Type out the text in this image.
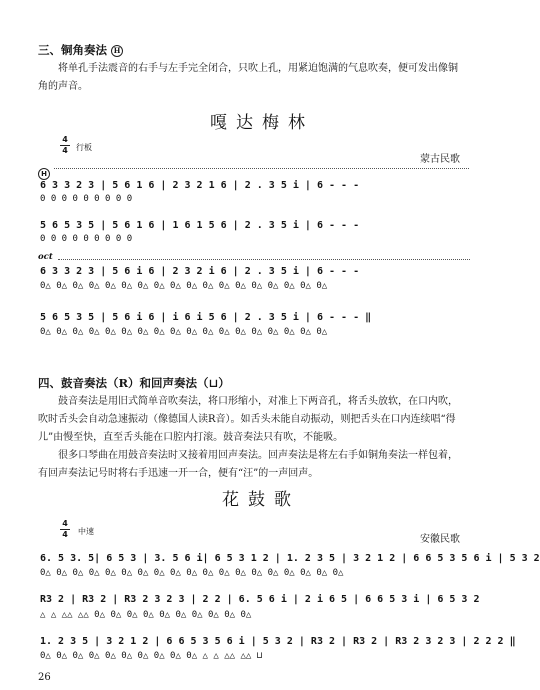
三、铜角奏法 H
将单孔手法震音的右手与左手完全闭合，只吹上孔，用紧迫饱满的气息吹奏，便可发出像铜角的声音。
嘎达梅林
4
4 行板
蒙古民歌
H
6 3 3 2 3 | 5 6 1 6 | 2 3 2 1 6 | 2 . 3 5 i | 6 - - -
0 0 0 0 0 0 0 0 0
5 6 5 3 5 | 5 6 1 6 | 1 6 1 5 6 | 2 . 3 5 i | 6 - - -
0 0 0 0 0 0 0 0 0
oct
6 3 3 2 3 | 5 6 i 6 | 2 3 2 i 6 | 2 . 3 5 i | 6 - - -
0△ 0△ 0△ 0△ 0△ 0△ 0△ 0△ 0△ 0△ 0△ 0△ 0△ 0△ 0△ 0△ 0△ 0△
5 6 5 3 5 | 5 6 i 6 | i 6 i 5 6 | 2 . 3 5 i | 6 - - - ‖
0△ 0△ 0△ 0△ 0△ 0△ 0△ 0△ 0△ 0△ 0△ 0△ 0△ 0△ 0△ 0△ 0△ 0△
四、鼓音奏法（R）和回声奏法（⊔）
鼓音奏法是用旧式简单音吹奏法，将口形缩小，对准上下两音孔，将舌头放软，在口内吹，吹时舌头会自动急速振动（像德国人读R音）。如舌头未能自动振动，则把舌头在口内连续唱“得儿”由慢至快，直至舌头能在口腔内打滚。鼓音奏法只有吹，不能吸。
很多口琴曲在用鼓音奏法时又接着用回声奏法。回声奏法是将左右手如铜角奏法一样包着，有回声奏法记号时将右手迅速一开一合，便有“汪”的一声回声。
花鼓歌
4
4 中速
安徽民歌
6. 5 3. 5| 6 5 3 | 3. 5 6 i| 6 5 3 1 2 | 1. 2 3 5 | 3 2 1 2 | 6 6 5 3 5 6 i | 5 3 2
0△ 0△ 0△ 0△ 0△ 0△ 0△ 0△ 0△ 0△ 0△ 0△ 0△ 0△ 0△ 0△ 0△ 0△ 0△
R3 2 | R3 2 | R3 2 3 2 3 | 2 2 | 6. 5 6 i | 2 i 6 5 | 6 6 5 3 i | 6 5 3 2
△ △ △△ △△ 0△ 0△ 0△ 0△ 0△ 0△ 0△ 0△ 0△ 0△
1. 2 3 5 | 3 2 1 2 | 6 6 5 3 5 6 i | 5 3 2 | R3 2 | R3 2 | R3 2 3 2 3 | 2 2 2 ‖
0△ 0△ 0△ 0△ 0△ 0△ 0△ 0△ 0△ 0△ △ △ △△ △△ ⊔
26
